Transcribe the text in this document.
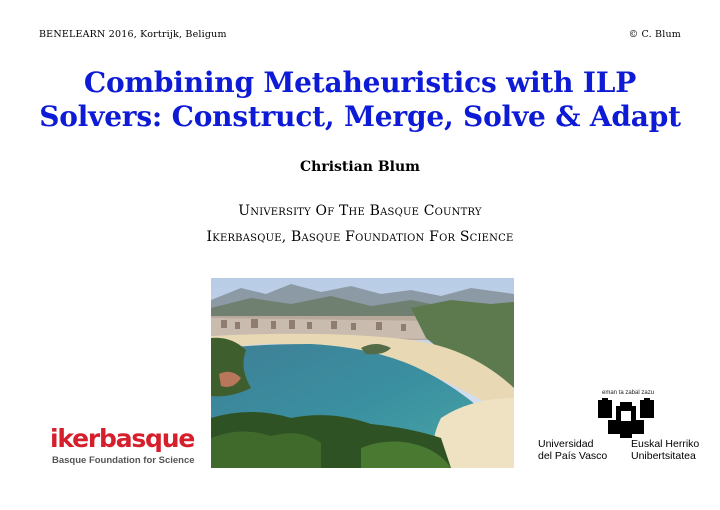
BENELEARN 2016, Kortrijk, Beligum	© C. Blum
Combining Metaheuristics with ILP
Solvers: Construct, Merge, Solve & Adapt
Christian Blum
University Of The Basque Country
Ikerbasque, Basque Foundation For Science
ikerbasque
Basque Foundation for Science
eman ta zabal zazu
Universidad
del País Vasco
Euskal Herriko
Unibertsitatea
